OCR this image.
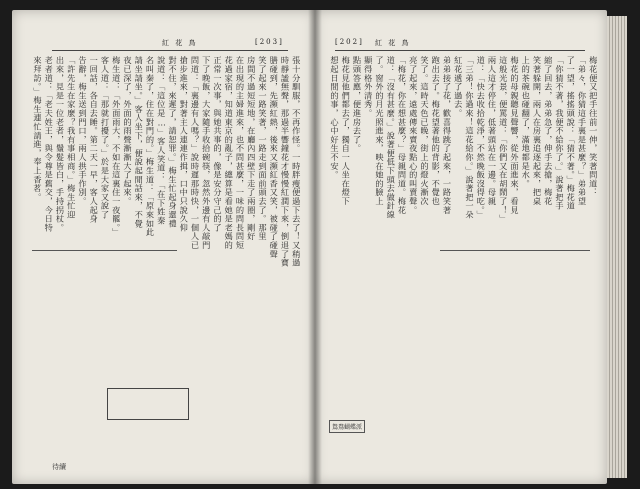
紅 花 鳥	[203]
張十分馴服，不再作怪。一時胖瘦便過下去了！又稍過
時靜謐無聲，那過半響鐘花才慢慢紅潤下來，倒退了寶
膳碰到，先瀕紅熱，後來又瀕紅香又笑，被碰了碰聲
笑了起來一路笑著，一路走到面前頭去了。那里
房間不過短短地，在廳內四壁下走了兩圈，剛好
在出現的主婦進來，也不問甚麼，一味的問長問短
花過家宿，知道東京的亂子，總算是看她是老媽的
正常一次事，與她共事的，像是安分守己的了
下了晚飯，大家隨手收拾碗筷，忽然外邊有人敲門
問道：「裏邊有人嗎？」說時遲那時快，一個人已
搶步進來，對著主人連連作揖，口中只說久仰
對不住，來遲了，請恕罪。」梅生忙起身還禮
說道：「這位是…」客人笑道：「在下姓秦
名叫秦了，住在對門的。」梅生道：「原來如此
請坐請坐。」客人坐下，便說起閒話來，不覺
夜已深了，外面的雨聲漸漸大了起來。
梅生道：「外面雨大，不如在這裏住一夜罷。」
客人道：「那就打擾了。」於是大家又說了
一回話，各自去睡。第二天一早，客人起身
告辭，梅生送到門口，兩人拱手作別。
「許先生在家麼？我有事相商。」梅生忙迎
出來，見是一位老者，鬚髮皆白，手持拐杖。
老者道：「老夫姓王，與令尊是舊交，今日特
來拜訪。」梅生連忙請進，奉上香茗。
待續
紅 花 鳥
[202]
梅花便又把手往前一伸，笑著問道：
「弟々，你猜這手裏是甚麼？」弟弟望
了一望，搖搖頭說：「猜不著。」梅花道
「你猜不著，我便不給你了。」說著把手
縮了回去，弟弟急了，伸手去搶，梅花
笑著躲開，兩人在房裏追逐起來，把桌
上的茶碗也碰翻了，滿地都是水。
梅花的母親聽見聲響，從外面進來，看見
這般光景，便罵道：「你們又在胡鬧了！」
兩人這才停住，低著頭站在一邊。母親
道：「快去收拾乾淨，不然晚飯沒得吃。」
「三弟！你過來！這花給你。」說著把一朵
紅花遞了過去。
弟弟接了花，歡喜得跳了起來，一路笑著
跑出去了。梅花望著他的背影，不覺也
笑了。這時天色已晚，街上的燈火漸次
亮了起來，遠處傳來賣夜點心的叫賣聲。
「梅花，你在想甚麼？」母親問道。梅花
道：「沒有甚麼。」說著便低下頭去做針線
了。窗外的月光照進來，映在她的臉上
顯得格外清秀。
點頭答應，便進房去了。
梅花見他們都去了，獨自一人坐在燈下
想起日間的事，心中好生不安。
鴛鴦蝴蝶派
